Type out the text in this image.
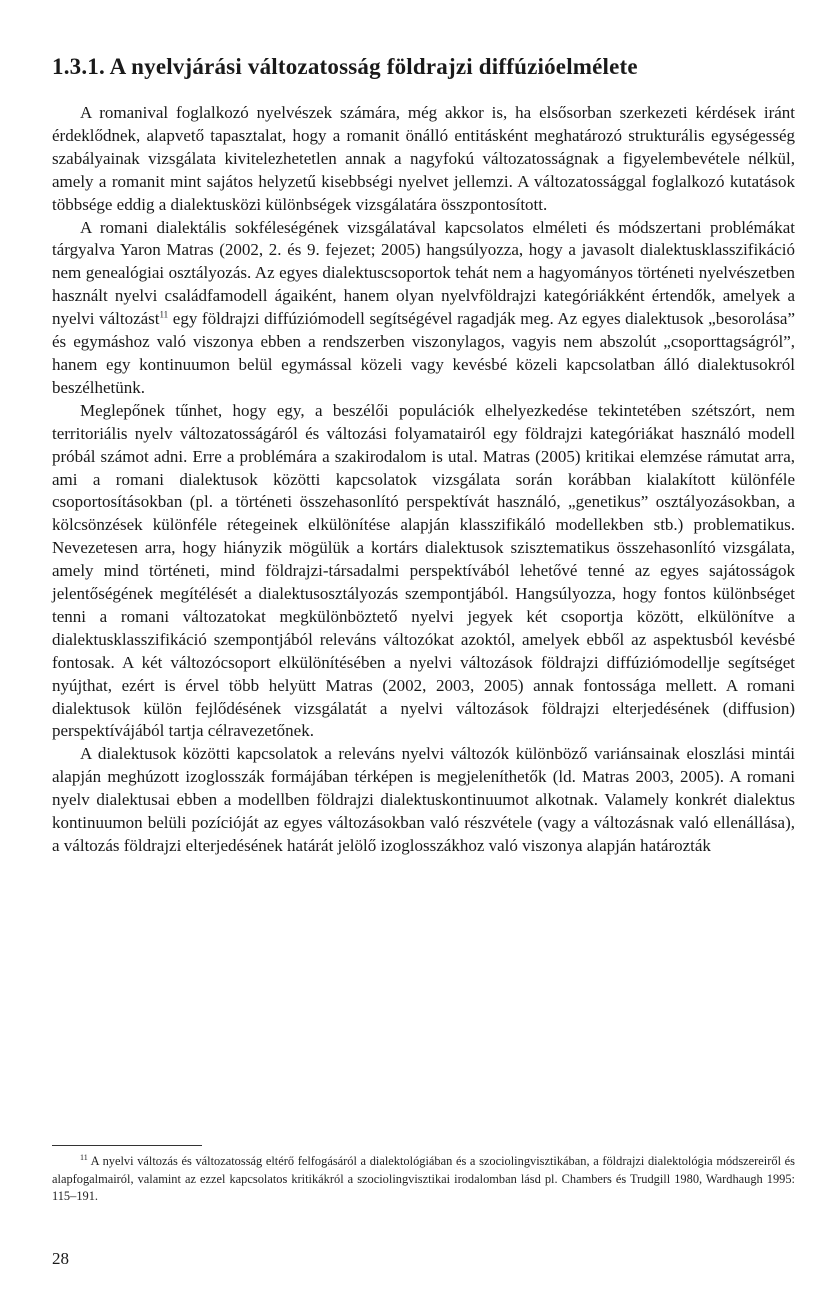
1.3.1. A nyelvjárási változatosság földrajzi diffúzióelmélete

A romanival foglalkozó nyelvészek számára, még akkor is, ha elsősorban szerkezeti kérdések iránt érdeklődnek, alapvető tapasztalat, hogy a romanit önálló entitásként meghatározó strukturális egységesség szabályainak vizsgálata kivitelezhetetlen annak a nagyfokú változatosságnak a figyelembevétele nélkül, amely a romanit mint sajátos helyzetű kisebbségi nyelvet jellemzi. A változatossággal foglalkozó kutatások többsége eddig a dialektusközi különbségek vizsgálatára összpontosított.

A romani dialektális sokféleségének vizsgálatával kapcsolatos elméleti és módszertani problémákat tárgyalva Yaron Matras (2002, 2. és 9. fejezet; 2005) hangsúlyozza, hogy a javasolt dialektusklasszifikáció nem genealógiai osztályozás. Az egyes dialektuscsoportok tehát nem a hagyományos történeti nyelvészetben használt nyelvi családfamodell ágaiként, hanem olyan nyelvföldrajzi kategóriákként értendők, amelyek a nyelvi változást$^{11}$ egy földrajzi diffúziómodell segítségével ragadják meg. Az egyes dialektusok „besorolása” és egymáshoz való viszonya ebben a rendszerben viszonylagos, vagyis nem abszolút „csoporttagságról”, hanem egy kontinuumon belül egymással közeli vagy kevésbé közeli kapcsolatban álló dialektusokról beszélhetünk.

Meglepőnek tűnhet, hogy egy, a beszélői populációk elhelyezkedése tekintetében szétszórt, nem territoriális nyelv változatosságáról és változási folyamatairól egy földrajzi kategóriákat használó modell próbál számot adni. Erre a problémára a szakirodalom is utal. Matras (2005) kritikai elemzése rámutat arra, ami a romani dialektusok közötti kapcsolatok vizsgálata során korábban kialakított különféle csoportosításokban (pl. a történeti összehasonlító perspektívát használó, „genetikus” osztályozásokban, a kölcsönzések különféle rétegeinek elkülönítése alapján klasszifikáló modellekben stb.) problematikus. Nevezetesen arra, hogy hiányzik mögülük a kortárs dialektusok szisztematikus összehasonlító vizsgálata, amely mind történeti, mind földrajzi-társadalmi perspektívából lehetővé tenné az egyes sajátosságok jelentőségének megítélését a dialektusosztályozás szempontjából. Hangsúlyozza, hogy fontos különbséget tenni a romani változatokat megkülönböztető nyelvi jegyek két csoportja között, elkülönítve a dialektusklasszifikáció szempontjából releváns változókat azoktól, amelyek ebből az aspektusból kevésbé fontosak. A két változócsoport elkülönítésében a nyelvi változások földrajzi diffúziómodellje segítséget nyújthat, ezért is érvel több helyütt Matras (2002, 2003, 2005) annak fontossága mellett. A romani dialektusok külön fejlődésének vizsgálatát a nyelvi változások földrajzi elterjedésének (diffusion) perspektívájából tartja célravezetőnek.

A dialektusok közötti kapcsolatok a releváns nyelvi változók különböző variánsainak eloszlási mintái alapján meghúzott izoglosszák formájában térképen is megjeleníthetők (ld. Matras 2003, 2005). A romani nyelv dialektusai ebben a modellben földrajzi dialektuskontinuumot alkotnak. Valamely konkrét dialektus kontinuumon belüli pozícióját az egyes változásokban való részvétele (vagy a változásnak való ellenállása), a változás földrajzi elterjedésének határát jelölő izoglosszákhoz való viszonya alapján határozták

$^{11}$ A nyelvi változás és változatosság eltérő felfogásáról a dialektológiában és a szociolingvisztikában, a földrajzi dialektológia módszereiről és alapfogalmairól, valamint az ezzel kapcsolatos kritikákról a szociolingvisztikai irodalomban lásd pl. Chambers és Trudgill 1980, Wardhaugh 1995: 115–191.

28
